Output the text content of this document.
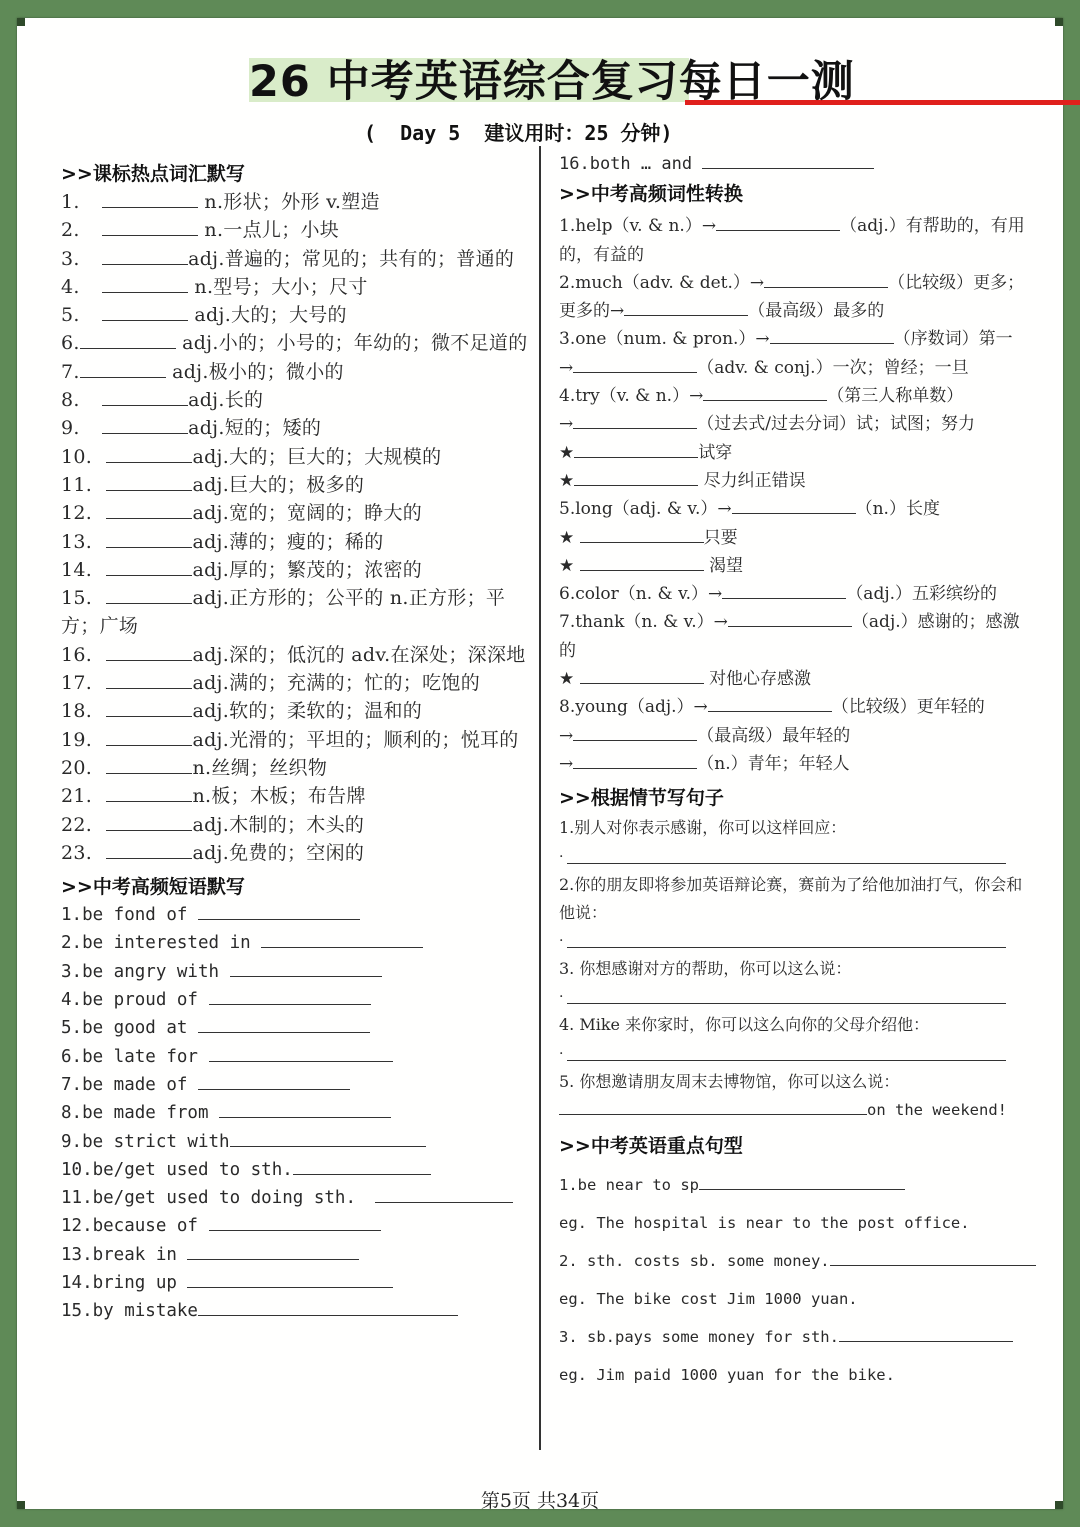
26 中考英语综合复习每日一测
(  Day 5  建议用时：25 分钟)
>>课标热点词汇默写
1.	n.形状；外形 v.塑造
2.	n.一点儿；小块
3.	adj.普遍的；常见的；共有的；普通的
4.	n.型号；大小；尺寸
5.	adj.大的；大号的
6.	adj.小的；小号的；年幼的；微不足道的
7.	adj.极小的；微小的
8.	adj.长的
9.	adj.短的；矮的
10.	adj.大的；巨大的；大规模的
11.	adj.巨大的；极多的
12.	adj.宽的；宽阔的；睁大的
13.	adj.薄的；瘦的；稀的
14.	adj.厚的；繁茂的；浓密的
15.	adj.正方形的；公平的 n.正方形；平方；广场
16.	adj.深的；低沉的 adv.在深处；深深地
17.	adj.满的；充满的；忙的；吃饱的
18.	adj.软的；柔软的；温和的
19.	adj.光滑的；平坦的；顺利的；悦耳的
20.	n.丝绸；丝织物
21.	n.板；木板；布告牌
22.	adj.木制的；木头的
23.	adj.免费的；空闲的
>>中考高频短语默写
1.be fond of
2.be interested in
3.be angry with
4.be proud of
5.be good at
6.be late for
7.be made of
8.be made from
9.be strict with
10.be/get used to sth.
11.be/get used to doing sth.
12.because of
13.break in
14.bring up
15.by mistake
16.both … and
>>中考高频词性转换
1.help（v. & n.）→	（adj.）有帮助的，有用的，有益的
2.much（adv. & det.）→	（比较级）更多；
更多的→	（最高级）最多的
3.one（num. & pron.）→	（序数词）第一
→	（adv. & conj.）一次；曾经；一旦
4.try（v. & n.）→	（第三人称单数）
→	（过去式/过去分词）试；试图；努力
★	试穿
★	尽力纠正错误
5.long（adj. & v.）→	（n.）长度
★	只要
★	渴望
6.color（n. & v.）→	（adj.）五彩缤纷的
7.thank（n. & v.）→	（adj.）感谢的；感激的
★	对他心存感激
8.young（adj.）→	（比较级）更年轻的
→	（最高级）最年轻的
→	（n.）青年；年轻人
>>根据情节写句子
1.别人对你表示感谢，你可以这样回应：
.
2.你的朋友即将参加英语辩论赛，赛前为了给他加油打气，你会和他说：
.
3. 你想感谢对方的帮助，你可以这么说：
.
4. Mike 来你家时，你可以这么向你的父母介绍他：
.
5. 你想邀请朋友周末去博物馆，你可以这么说：
on the weekend!
>>中考英语重点句型
1.be near to sp
eg. The hospital is near to the post office.
2. sth. costs sb. some money.
eg. The bike cost Jim 1000 yuan.
3. sb.pays some money for sth.
eg. Jim paid 1000 yuan for the bike.
第5页 共34页
